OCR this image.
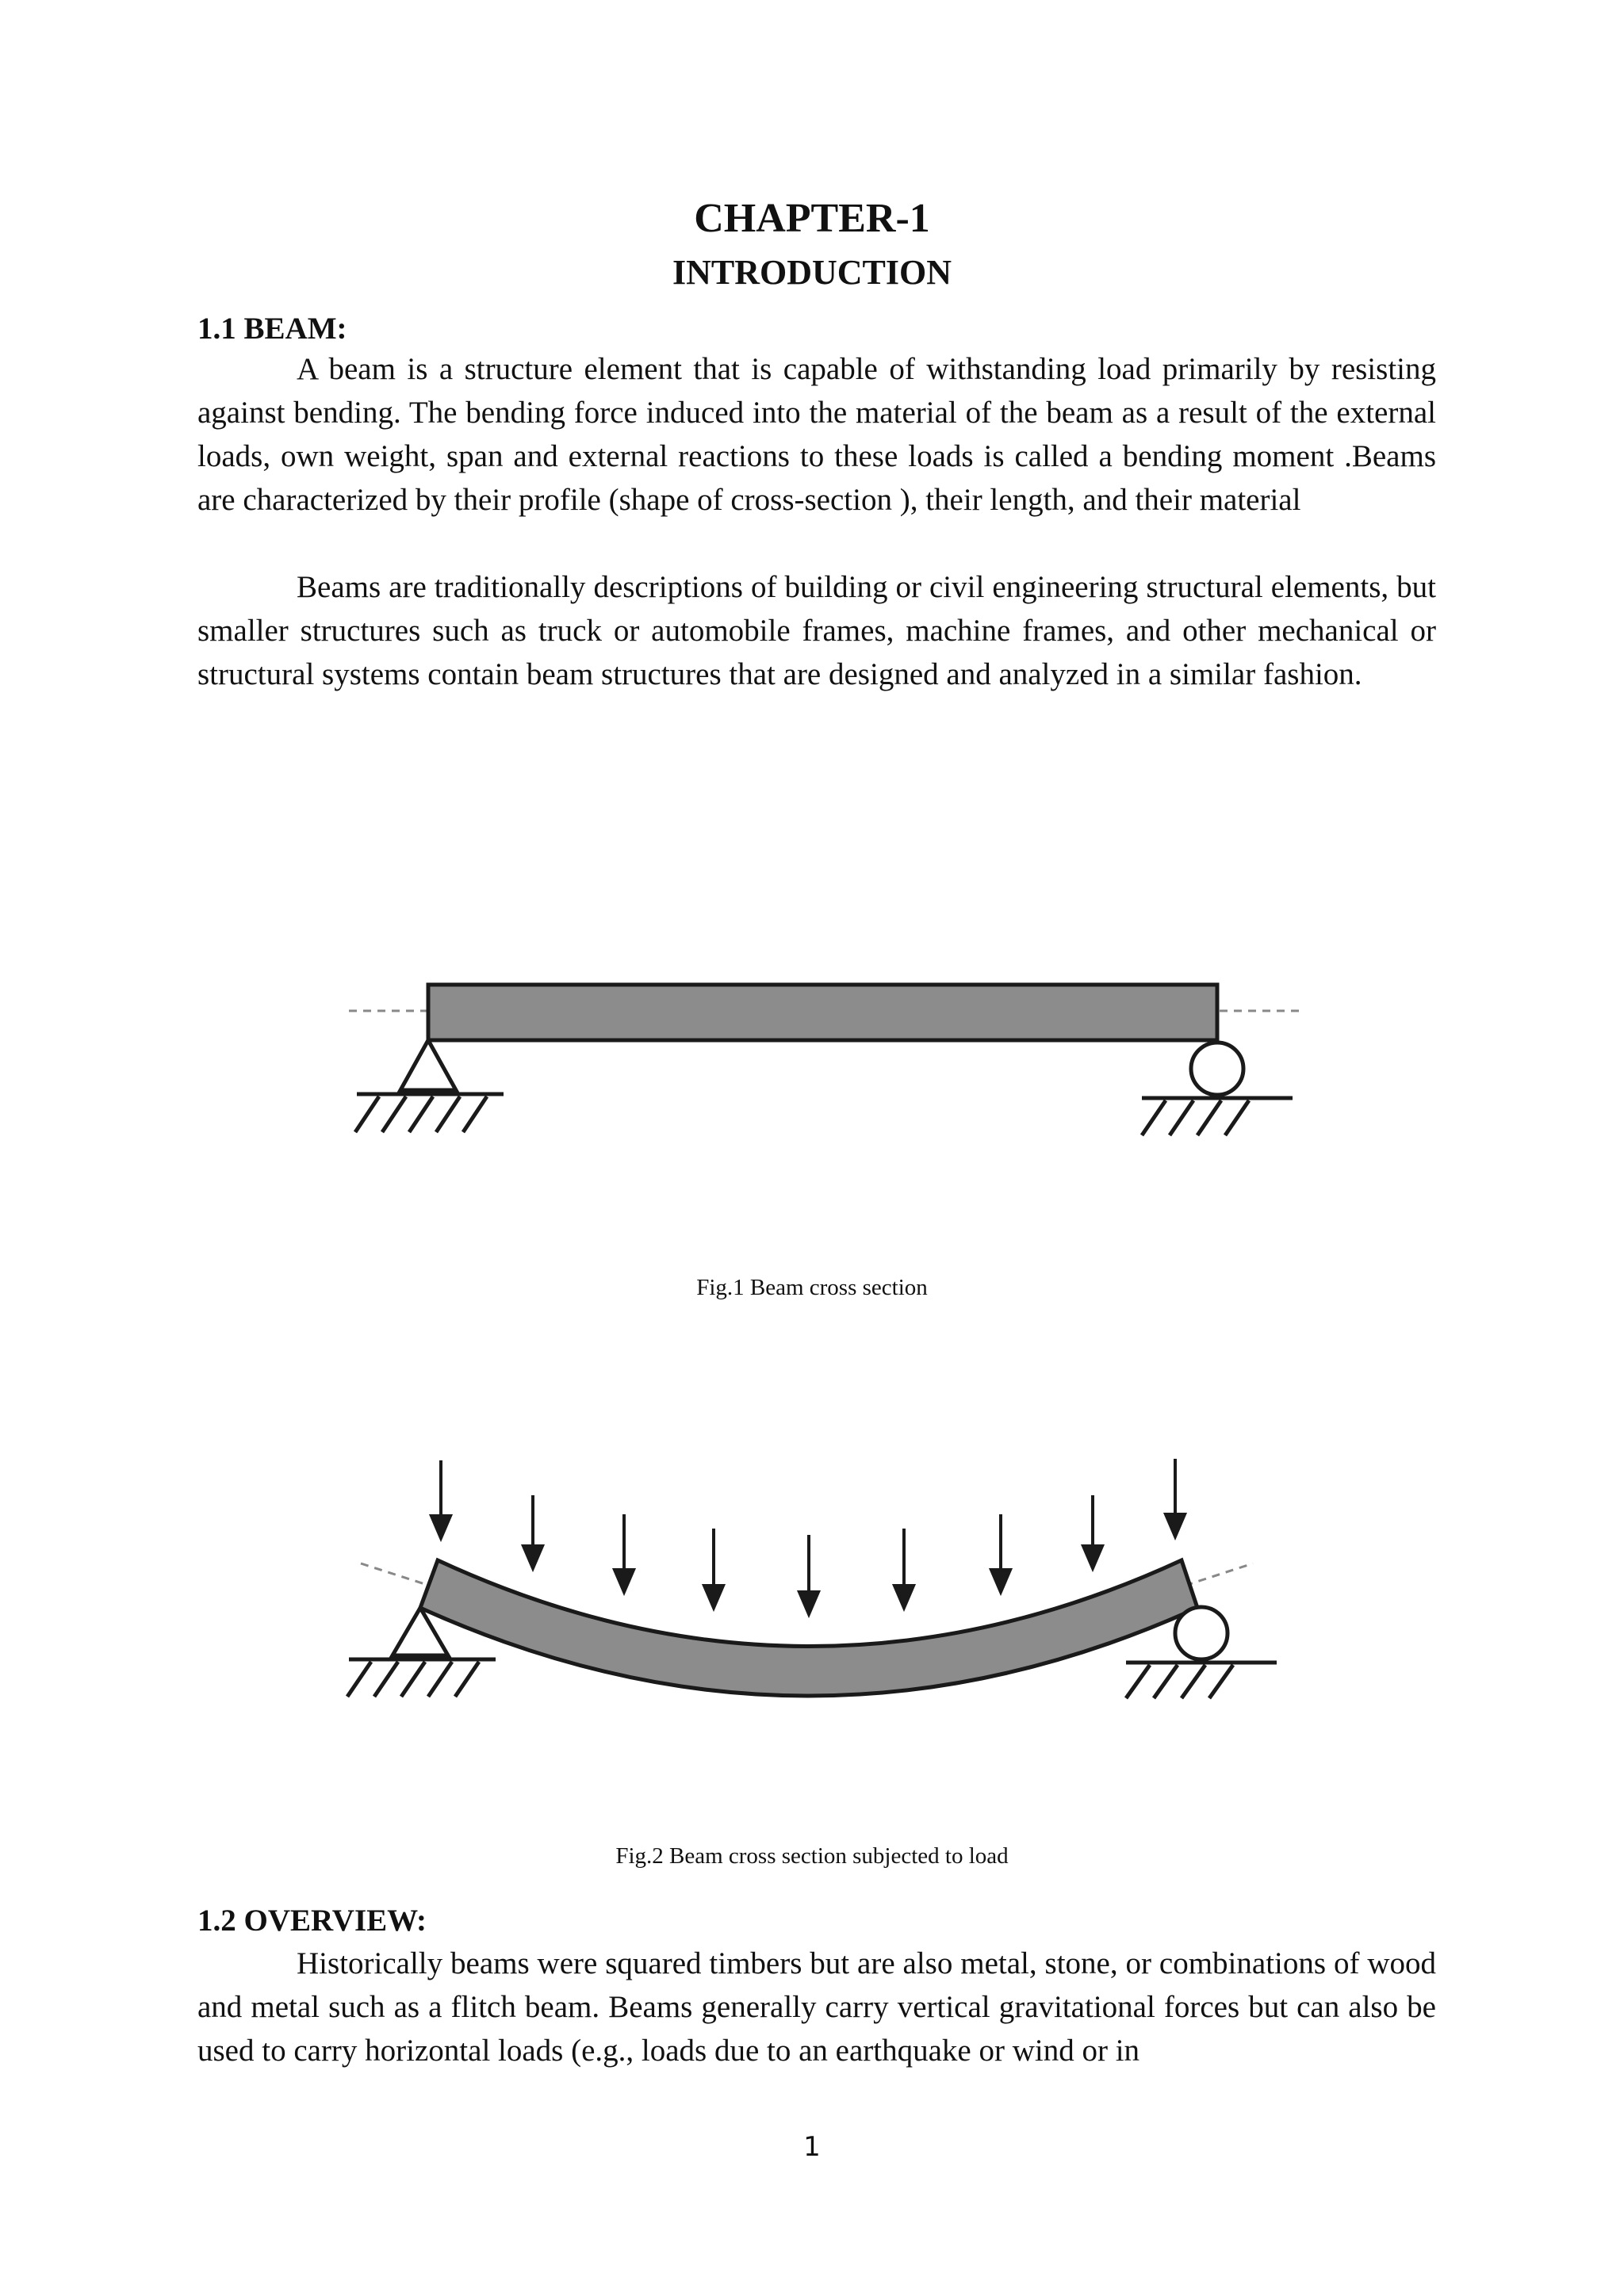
CHAPTER-1
INTRODUCTION
1.1 BEAM:

A beam is a structure element that is capable of withstanding load primarily by resisting against bending. The bending force induced into the material of the beam as a result of the external loads, own weight, span and external reactions to these loads is called a bending moment .Beams are characterized by their profile (shape of cross-section ), their length, and their material

Beams are traditionally descriptions of building or civil engineering structural elements, but smaller structures such as truck or automobile frames, machine frames, and other mechanical or structural systems contain beam structures that are designed and analyzed in a similar fashion.

Fig.1 Beam cross section
Fig.2 Beam cross section subjected to load
1.2 OVERVIEW:

Historically beams were squared timbers but are also metal, stone, or combinations of wood and metal such as a flitch beam. Beams generally carry vertical gravitational forces but can also be used to carry horizontal loads (e.g., loads due to an earthquake or wind or in

1
